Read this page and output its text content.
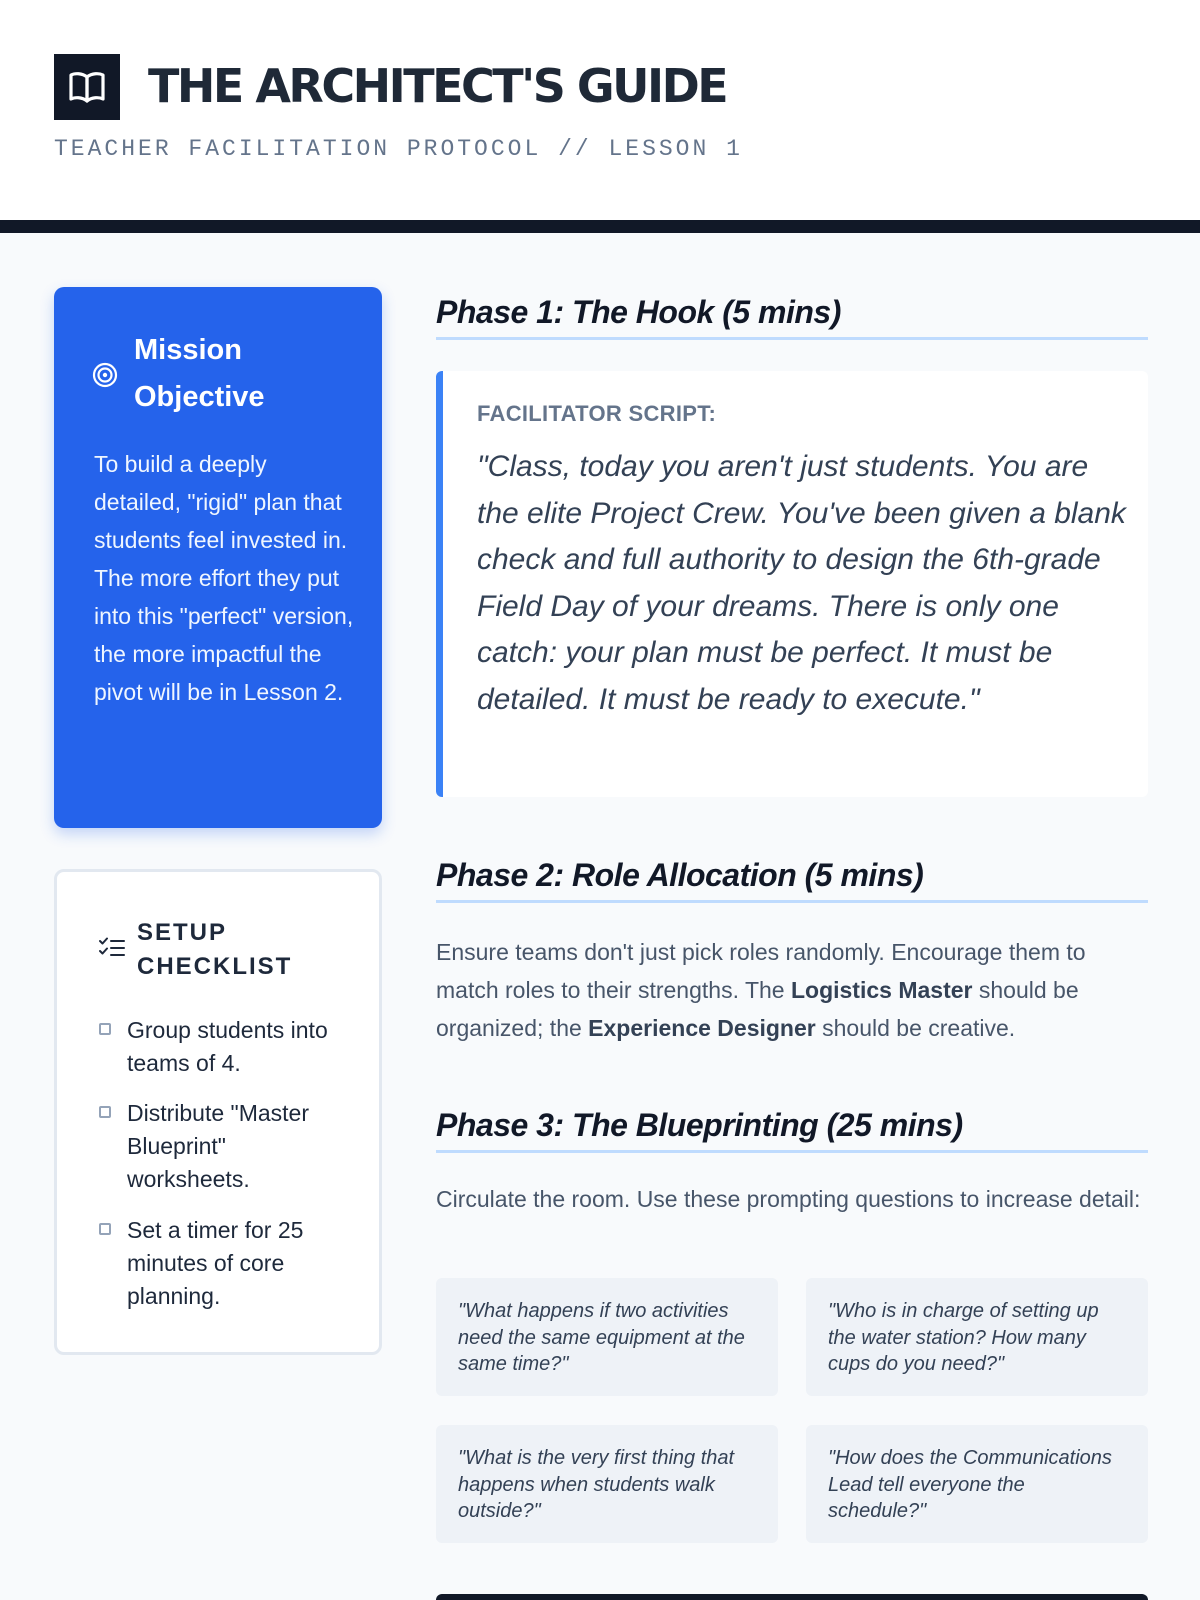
THE ARCHITECT'S GUIDE
TEACHER FACILITATION PROTOCOL // LESSON 1
Mission Objective
To build a deeply detailed, "rigid" plan that students feel invested in. The more effort they put into this "perfect" version, the more impactful the pivot will be in Lesson 2.
SETUP CHECKLIST
Group students into teams of 4.
Distribute "Master Blueprint" worksheets.
Set a timer for 25 minutes of core planning.
Phase 1: The Hook (5 mins)
FACILITATOR SCRIPT:
"Class, today you aren't just students. You are the elite Project Crew. You've been given a blank check and full authority to design the 6th-grade Field Day of your dreams. There is only one catch: your plan must be perfect. It must be detailed. It must be ready to execute."
Phase 2: Role Allocation (5 mins)
Ensure teams don't just pick roles randomly. Encourage them to match roles to their strengths. The Logistics Master should be organized; the Experience Designer should be creative.
Phase 3: The Blueprinting (25 mins)
Circulate the room. Use these prompting questions to increase detail:
"What happens if two activities need the same equipment at the same time?"
"Who is in charge of setting up the water station? How many cups do you need?"
"What is the very first thing that happens when students walk outside?"
"How does the Communications Lead tell everyone the schedule?"
